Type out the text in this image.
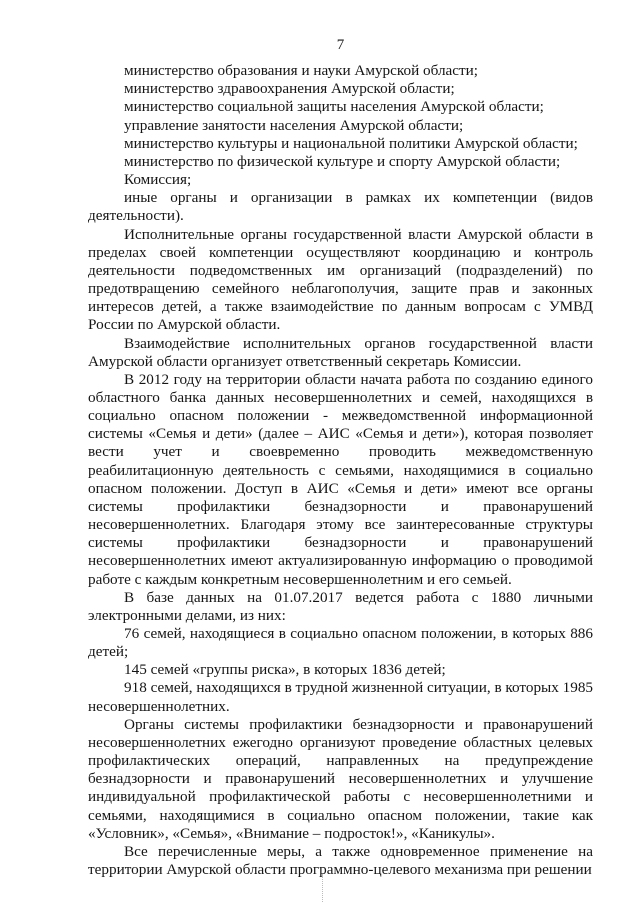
7

министерство образования и науки Амурской области;

министерство здравоохранения Амурской области;

министерство социальной защиты населения Амурской области;

управление занятости населения Амурской области;

министерство культуры и национальной политики Амурской области;

министерство по физической культуре и спорту Амурской области;

Комиссия;

иные органы и организации в рамках их компетенции (видов деятельности).

Исполнительные органы государственной власти Амурской области в пределах своей компетенции осуществляют координацию и контроль деятельности подведомственных им организаций (подразделений) по предотвращению семейного неблагополучия, защите прав и законных интересов детей, а также взаимодействие по данным вопросам с УМВД России по Амурской области.

Взаимодействие исполнительных органов государственной власти Амурской области организует ответственный секретарь Комиссии.

В 2012 году на территории области начата работа по созданию единого областного банка данных несовершеннолетних и семей, находящихся в социально опасном положении - межведомственной информационной системы «Семья и дети» (далее – АИС «Семья и дети»), которая позволяет вести учет и своевременно проводить межведомственную реабилитационную деятельность с семьями, находящимися в социально опасном положении. Доступ в АИС «Семья и дети» имеют все органы системы профилактики безнадзорности и правонарушений несовершеннолетних. Благодаря этому все заинтересованные структуры системы профилактики безнадзорности и правонарушений несовершеннолетних имеют актуализированную информацию о проводимой работе с каждым конкретным несовершеннолетним и его семьей.

В базе данных на 01.07.2017 ведется работа с 1880 личными электронными делами, из них:

76 семей, находящиеся в социально опасном положении, в которых 886 детей;

145 семей «группы риска», в которых 1836 детей;

918 семей, находящихся в трудной жизненной ситуации, в которых 1985 несовершеннолетних.

Органы системы профилактики безнадзорности и правонарушений несовершеннолетних ежегодно организуют проведение областных целевых профилактических операций, направленных на предупреждение безнадзорности и правонарушений несовершеннолетних и улучшение индивидуальной профилактической работы с несовершеннолетними и семьями, находящимися в социально опасном положении, такие как «Условник», «Семья», «Внимание – подросток!», «Каникулы».

Все перечисленные меры, а также одновременное применение на территории Амурской области программно-целевого механизма при решении
